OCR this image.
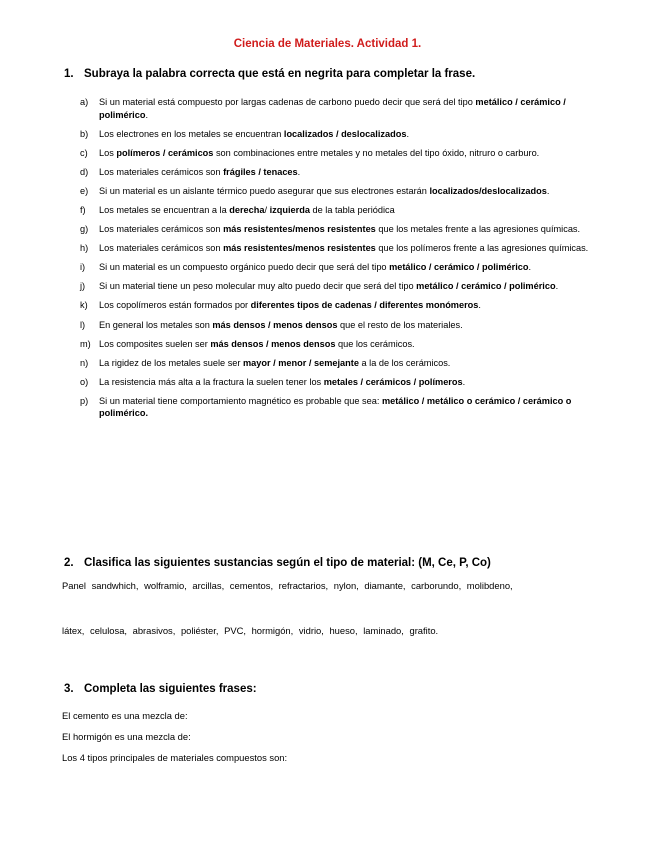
Ciencia de Materiales. Actividad 1.
1. Subraya la palabra correcta que está en negrita para completar la frase.
a) Si un material está compuesto por largas cadenas de carbono puedo decir que será del tipo metálico / cerámico / polimérico.
b) Los electrones en los metales se encuentran localizados / deslocalizados.
c) Los polímeros / cerámicos son combinaciones entre metales y no metales del tipo óxido, nitruro o carburo.
d) Los materiales cerámicos son frágiles / tenaces.
e) Si un material es un aislante térmico puedo asegurar que sus electrones estarán localizados/deslocalizados.
f) Los metales se encuentran a la derecha/ izquierda de la tabla periódica
g) Los materiales cerámicos son más resistentes/menos resistentes que los metales frente a las agresiones químicas.
h) Los materiales cerámicos son más resistentes/menos resistentes que los polímeros frente a las agresiones químicas.
i) Si un material es un compuesto orgánico puedo decir que será del tipo metálico / cerámico / polimérico.
j) Si un material tiene un peso molecular muy alto puedo decir que será del tipo metálico / cerámico / polimérico.
k) Los copolímeros están formados por diferentes tipos de cadenas / diferentes monómeros.
l) En general los metales son más densos / menos densos que el resto de los materiales.
m) Los composites suelen ser más densos / menos densos que los cerámicos.
n) La rigidez de los metales suele ser mayor / menor / semejante a la de los cerámicos.
o) La resistencia más alta a la fractura la suelen tener los metales / cerámicos / polímeros.
p) Si un material tiene comportamiento magnético es probable que sea: metálico / metálico o cerámico / cerámico o polimérico.
2. Clasifica las siguientes sustancias según el tipo de material: (M, Ce, P, Co)
Panel sandwhich, wolframio, arcillas, cementos, refractarios, nylon, diamante, carborundo, molibdeno,
látex, celulosa, abrasivos, poliéster, PVC, hormigón, vidrio, hueso, laminado, grafito.
3. Completa las siguientes frases:
El cemento es una mezcla de:
El hormigón es una mezcla de:
Los 4 tipos principales de materiales compuestos son:
